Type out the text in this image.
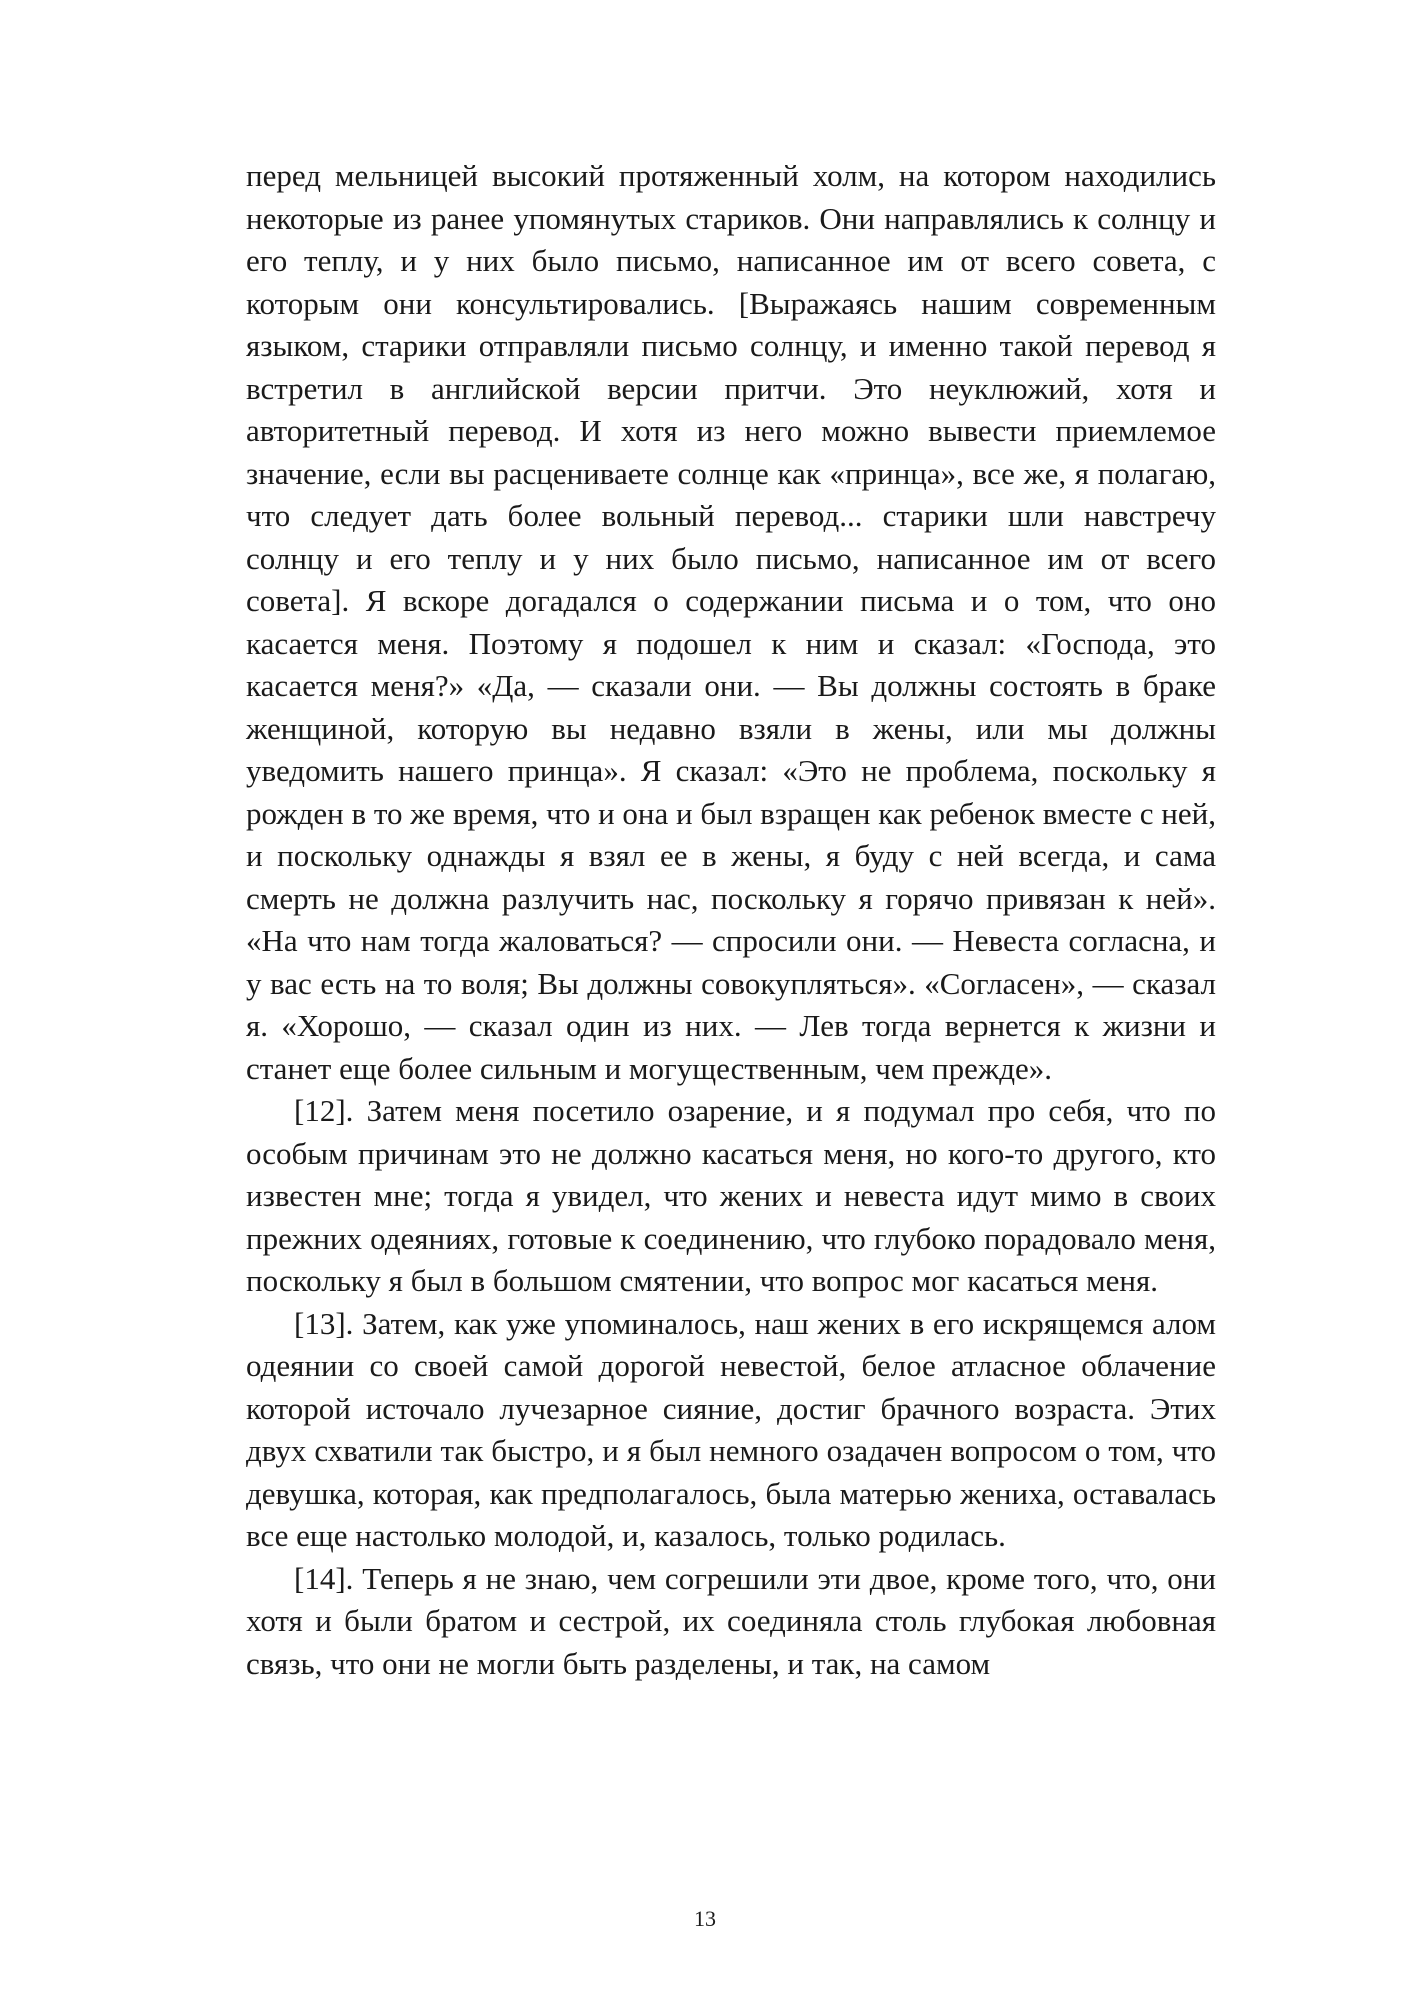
перед мельницей высокий протяженный холм, на котором находились некоторые из ранее упомянутых стариков. Они направлялись к солнцу и его теплу, и у них было письмо, написанное им от всего совета, с которым они консультировались. [Выражаясь нашим современным языком, старики отправляли письмо солнцу, и именно такой перевод я встретил в английской версии притчи. Это неуклюжий, хотя и авторитетный перевод. И хотя из него можно вывести приемлемое значение, если вы расцениваете солнце как «принца», все же, я полагаю, что следует дать более вольный перевод... старики шли навстречу солнцу и его теплу и у них было письмо, написанное им от всего совета]. Я вскоре догадался о содержании письма и о том, что оно касается меня. Поэтому я подошел к ним и сказал: «Господа, это касается меня?» «Да, — сказали они. — Вы должны состоять в браке женщиной, которую вы недавно взяли в жены, или мы должны уведомить нашего принца». Я сказал: «Это не проблема, поскольку я рожден в то же время, что и она и был взращен как ребенок вместе с ней, и поскольку однажды я взял ее в жены, я буду с ней всегда, и сама смерть не должна разлучить нас, поскольку я горячо привязан к ней». «На что нам тогда жаловаться? — спросили они. — Невеста согласна, и у вас есть на то воля; Вы должны совокупляться». «Согласен», — сказал я. «Хорошо, — сказал один из них. — Лев тогда вернется к жизни и станет еще более сильным и могущественным, чем прежде».

[12]. Затем меня посетило озарение, и я подумал про себя, что по особым причинам это не должно касаться меня, но кого-то другого, кто известен мне; тогда я увидел, что жених и невеста идут мимо в своих прежних одеяниях, готовые к соединению, что глубоко порадовало меня, поскольку я был в большом смятении, что вопрос мог касаться меня.

[13]. Затем, как уже упоминалось, наш жених в его искрящемся алом одеянии со своей самой дорогой невестой, белое атласное облачение которой источало лучезарное сияние, достиг брачного возраста. Этих двух схватили так быстро, и я был немного озадачен вопросом о том, что девушка, которая, как предполагалось, была матерью жениха, оставалась все еще настолько молодой, и, казалось, только родилась.

[14]. Теперь я не знаю, чем согрешили эти двое, кроме того, что, они хотя и были братом и сестрой, их соединяла столь глубокая любовная связь, что они не могли быть разделены, и так, на самом

13
